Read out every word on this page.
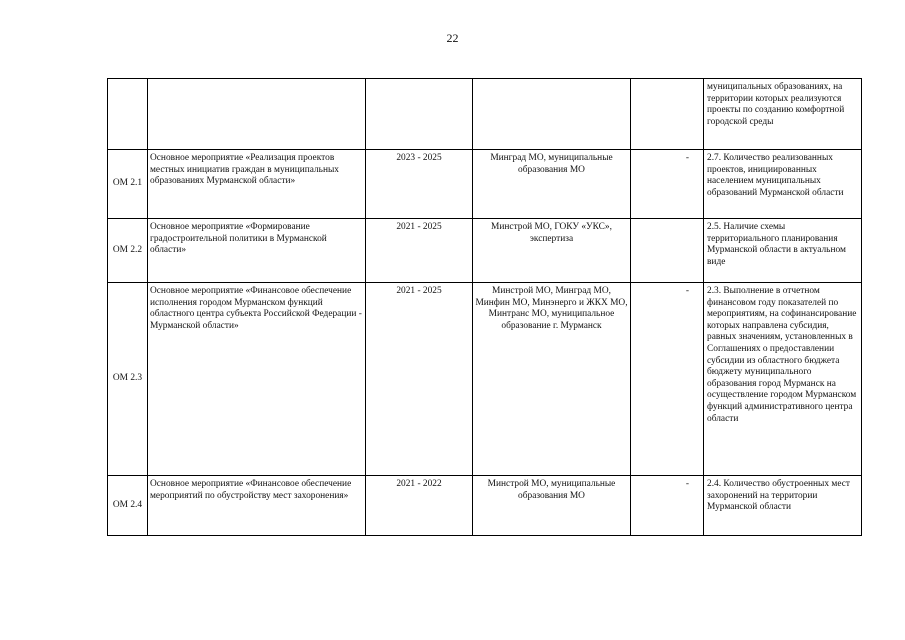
22
					муниципальных образованиях, на территории которых реализуются проекты по созданию комфортной городской среды
ОМ 2.1	Основное мероприятие «Реализация проектов местных инициатив граждан в муниципальных образованиях Мурманской области»	2023 - 2025	Минград МО, муниципальные образования МО	-	2.7. Количество реализованных проектов, инициированных населением муниципальных образований Мурманской области
ОМ 2.2	Основное мероприятие «Формирование градостроительной политики в Мурманской области»	2021 - 2025	Минстрой МО, ГОКУ «УКС», экспертиза		2.5. Наличие схемы территориального планирования Мурманской области в актуальном виде
ОМ 2.3	Основное мероприятие «Финансовое обеспечение исполнения городом Мурманском функций областного центра субъекта Российской Федерации - Мурманской области»	2021 - 2025	Минстрой МО, Минград МО, Минфин МО, Минэнерго и ЖКХ МО, Минтранс МО, муниципальное образование г. Мурманск	-	2.3. Выполнение в отчетном финансовом году показателей по мероприятиям, на софинансирование которых направлена субсидия, равных значениям, установленных в Соглашениях о предоставлении субсидии из областного бюджета бюджету муниципального образования город Мурманск на осуществление городом Мурманском функций административного центра области
ОМ 2.4	Основное мероприятие «Финансовое обеспечение мероприятий по обустройству мест захоронения»	2021 - 2022	Минстрой МО, муниципальные образования МО	-	2.4. Количество обустроенных мест захоронений на территории Мурманской области
